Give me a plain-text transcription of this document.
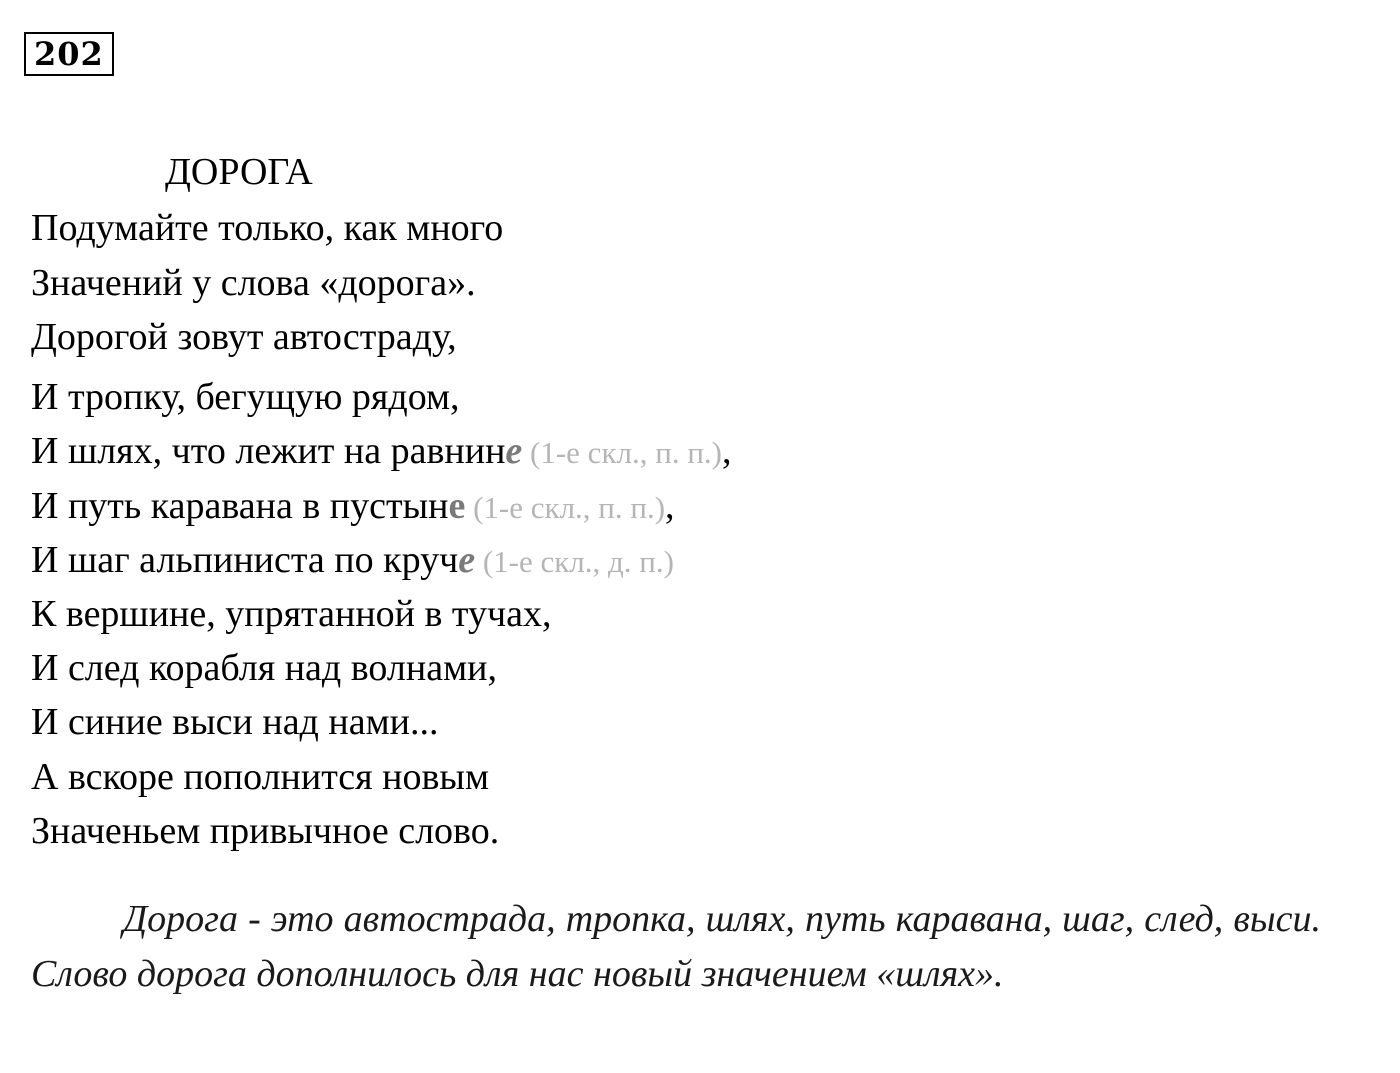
202
ДОРОГА
Подумайте только, как много
Значений у слова «дорога».
Дорогой зовут автостраду,
И тропку, бегущую рядом,
И шлях, что лежит на равнине (1-е скл., п. п.),
И путь каравана в пустыне (1-е скл., п. п.),
И шаг альпиниста по круче (1-е скл., д. п.)
К вершине, упрятанной в тучах,
И след корабля над волнами,
И синие выси над нами...
А вскоре пополнится новым
Значеньем привычное слово.

Дорога - это автострада, тропка, шлях, путь каравана, шаг, след, выси. Слово дорога дополнилось для нас новый значением «шлях».
